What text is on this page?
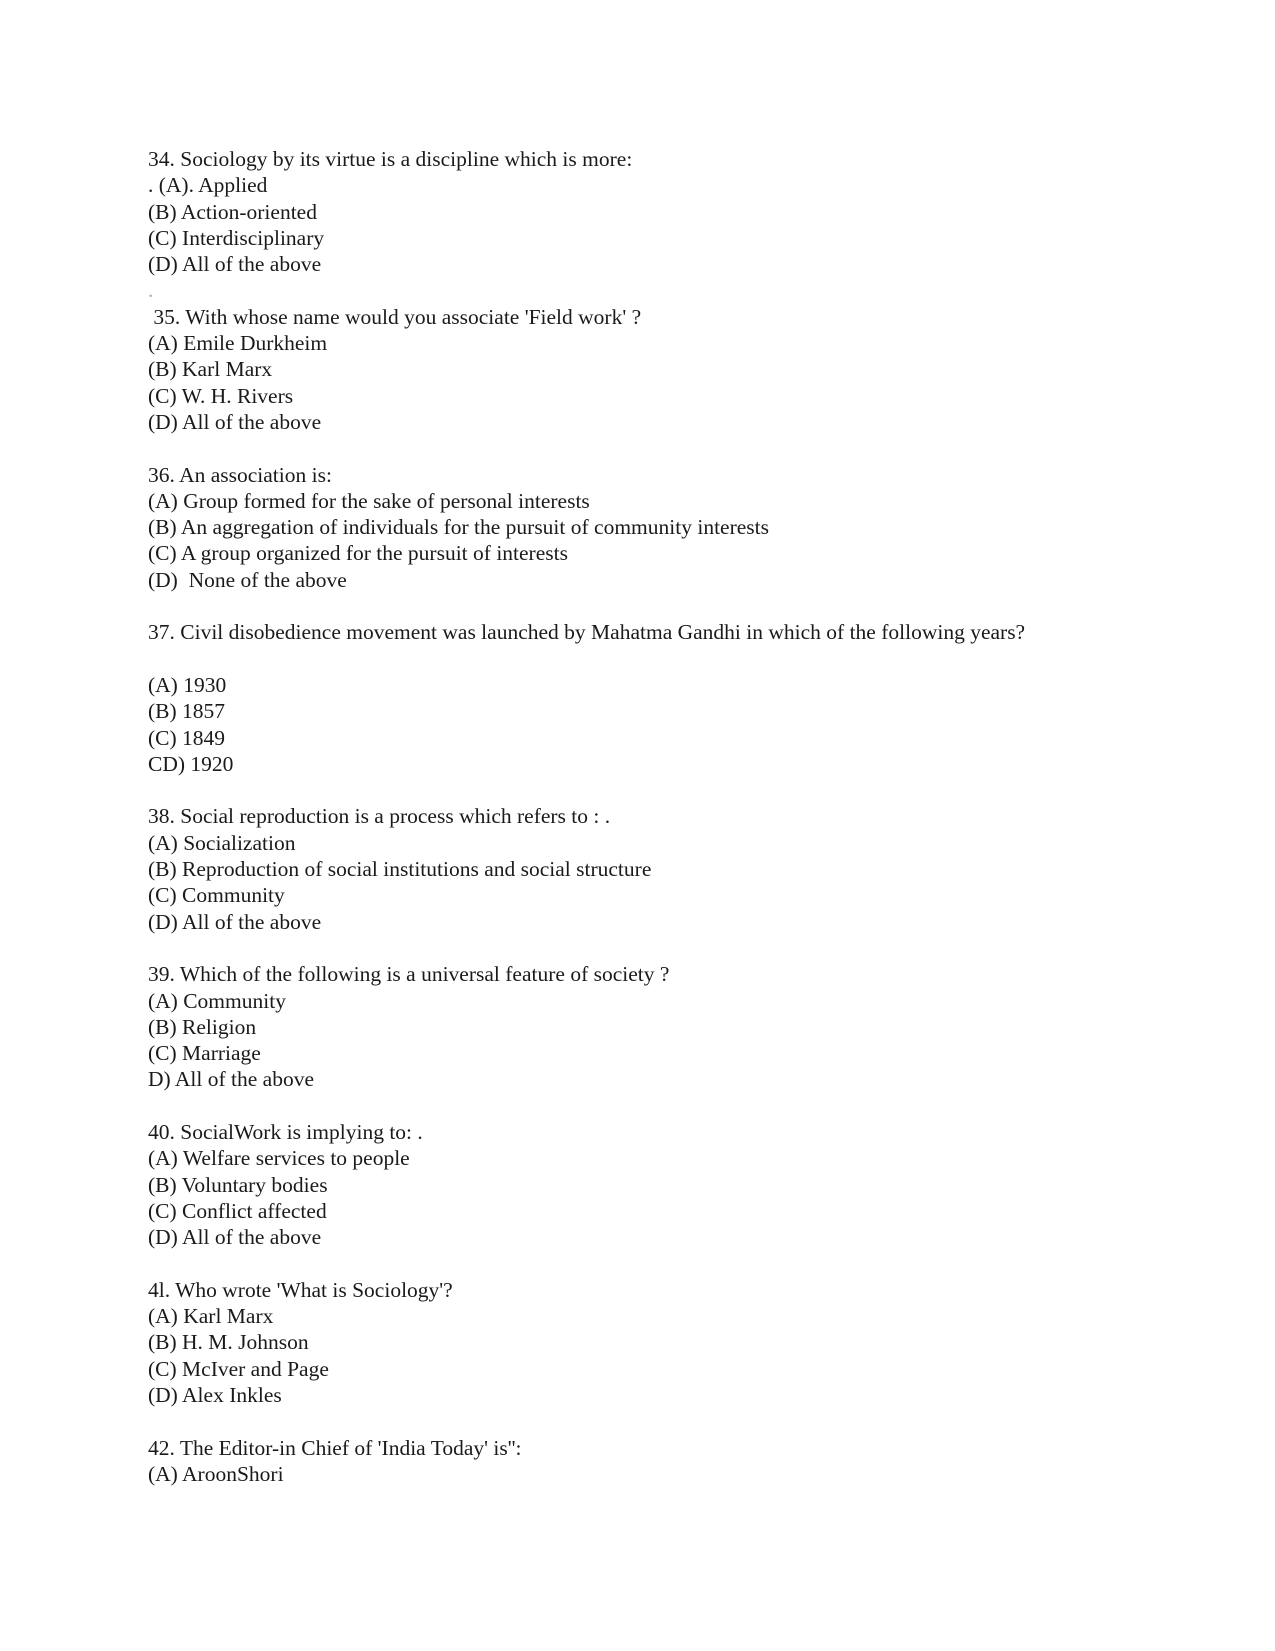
34. Sociology by its virtue is a discipline which is more:
. (A). Applied
(B) Action-oriented
(C) Interdisciplinary
(D) All of the above
.
35. With whose name would you associate 'Field work' ?
(A) Emile Durkheim
(B) Karl Marx
(C) W. H. Rivers
(D) All of the above
36. An association is:
(A) Group formed for the sake of personal interests
(B) An aggregation of individuals for the pursuit of community interests
(C) A group organized for the pursuit of interests
(D)  None of the above
37. Civil disobedience movement was launched by Mahatma Gandhi in which of the following years?
(A) 1930
(B) 1857
(C) 1849
CD) 1920
38. Social reproduction is a process which refers to : .
(A) Socialization
(B) Reproduction of social institutions and social structure
(C) Community
(D) All of the above
39. Which of the following is a universal feature of society ?
(A) Community
(B) Religion
(C) Marriage
D) All of the above
40. SocialWork is implying to: .
(A) Welfare services to people
(B) Voluntary bodies
(C) Conflict affected
(D) All of the above
4l. Who wrote 'What is Sociology'?
(A) Karl Marx
(B) H. M. Johnson
(C) McIver and Page
(D) Alex Inkles
42. The Editor-in Chief of 'India Today' is'':
(A) AroonShori
